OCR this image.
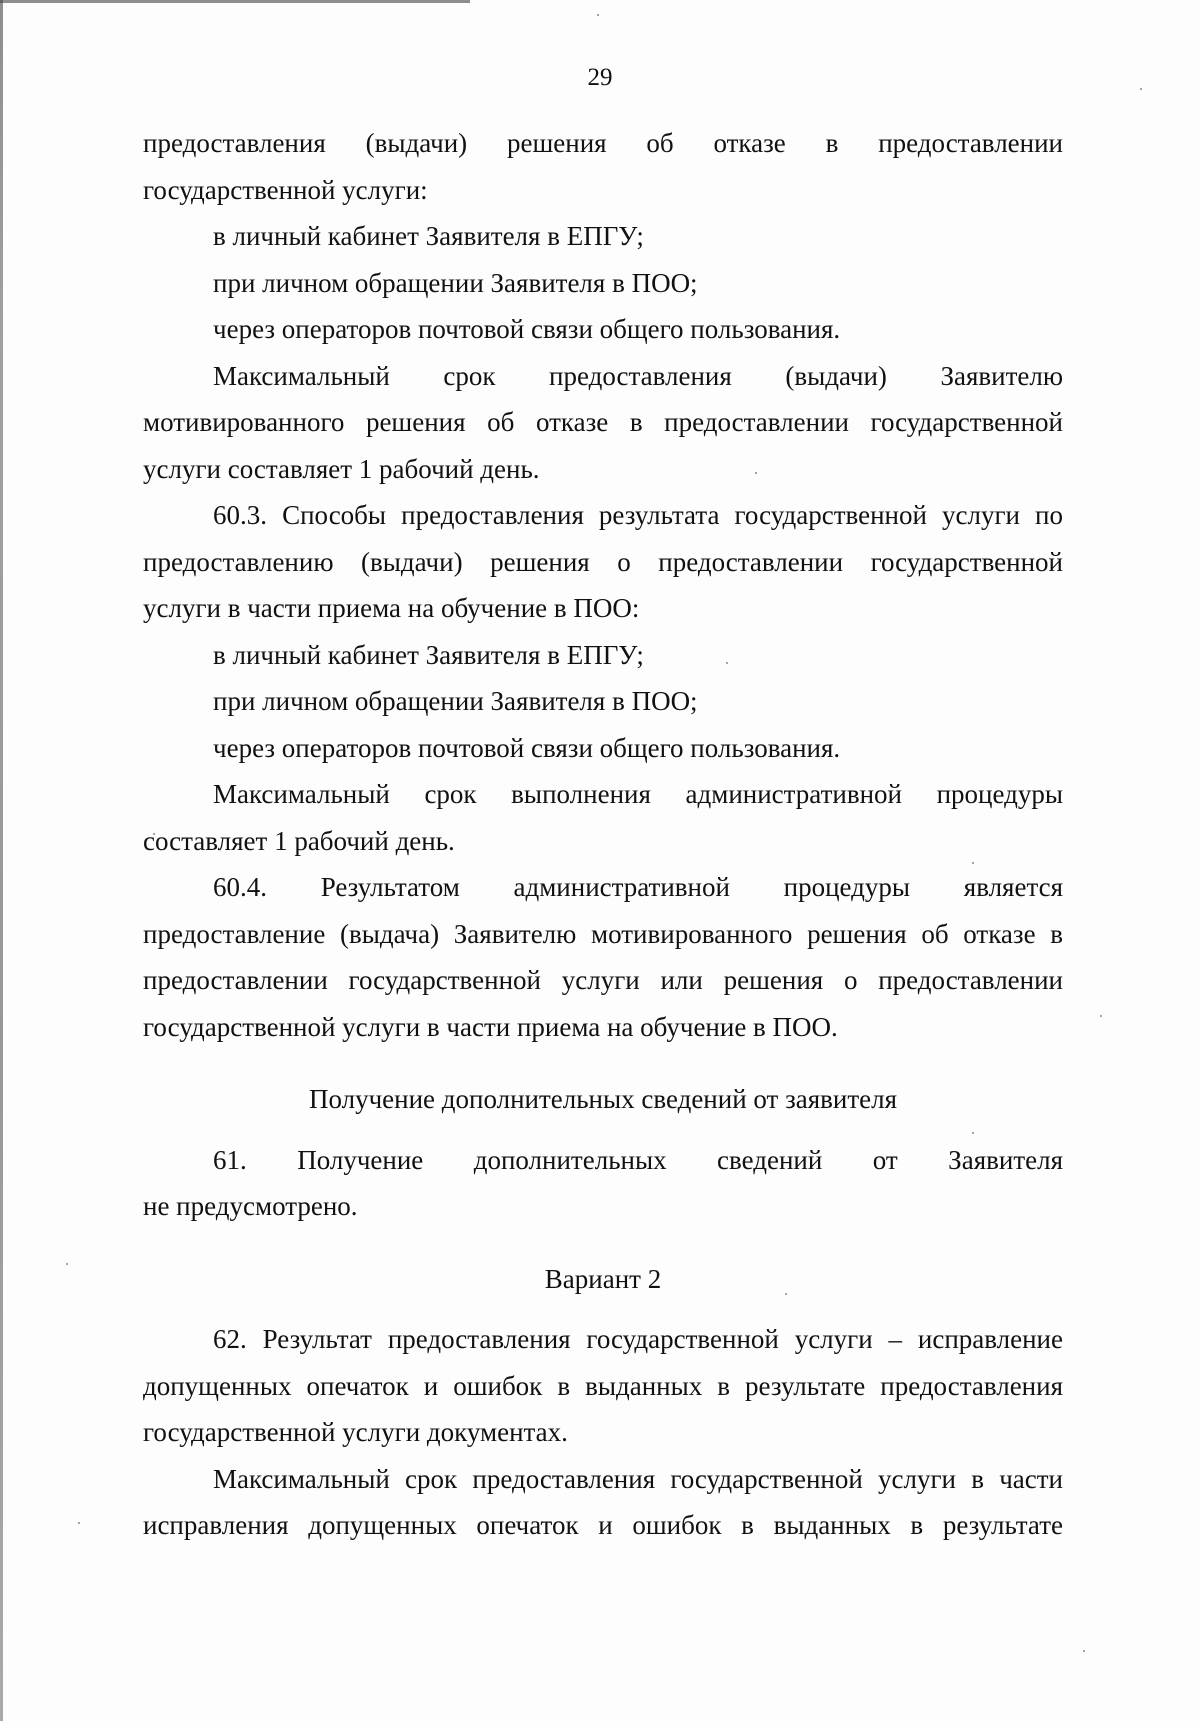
29
предоставления (выдачи) решения об отказе в предоставлении
государственной услуги:
в личный кабинет Заявителя в ЕПГУ;
при личном обращении Заявителя в ПОО;
через операторов почтовой связи общего пользования.
Максимальный срок предоставления (выдачи) Заявителю
мотивированного решения об отказе в предоставлении государственной
услуги составляет 1 рабочий день.
60.3. Способы предоставления результата государственной услуги по
предоставлению (выдачи) решения о предоставлении государственной
услуги в части приема на обучение в ПОО:
в личный кабинет Заявителя в ЕПГУ;
при личном обращении Заявителя в ПОО;
через операторов почтовой связи общего пользования.
Максимальный срок выполнения административной процедуры
составляет 1 рабочий день.
60.4. Результатом административной процедуры является
предоставление (выдача) Заявителю мотивированного решения об отказе в
предоставлении государственной услуги или решения о предоставлении
государственной услуги в части приема на обучение в ПОО.
Получение дополнительных сведений от заявителя
61. Получение дополнительных сведений от Заявителя
не предусмотрено.
Вариант 2
62. Результат предоставления государственной услуги – исправление
допущенных опечаток и ошибок в выданных в результате предоставления
государственной услуги документах.
Максимальный срок предоставления государственной услуги в части
исправления допущенных опечаток и ошибок в выданных в результате
